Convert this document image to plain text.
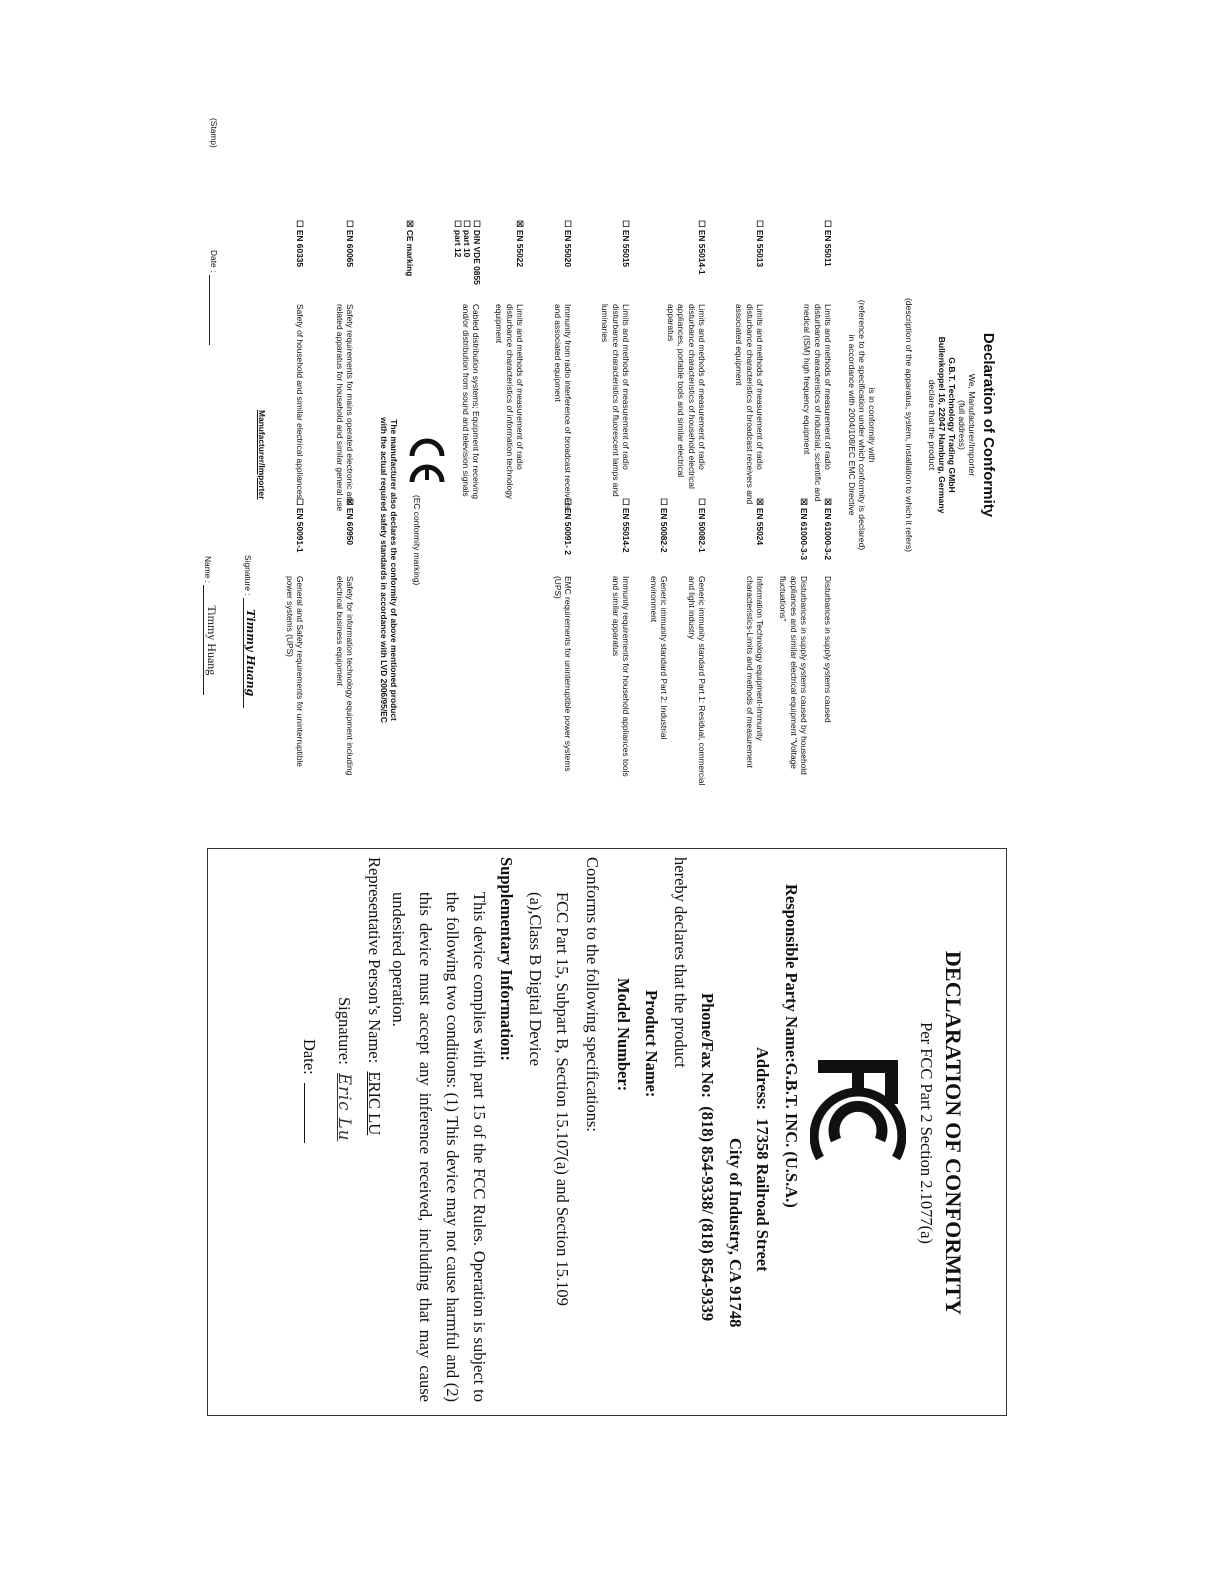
Declaration of Conformity
We, Manufacturer/Importer
(full address)
G.B.T. Technology Trading GMbH
Bullenkoppel 16, 22047 Hamburg, Germany
declare that the product
(description of the apparatus, system, installation to which it refers)
is in conformity with
(reference to the specification under which conformity is declared)
in accordance with 2004/108/EC EMC Directive
☐ EN 55011
Limits and methods of measurement of radio disturbance characteristics of industrial, scientific and medical (ISM) high frequency equipment
☐ EN 55013
Limits and methods of measurement of radio disturbance characteristics of broadcast receivers and associated equipment
☐ EN 55014-1
Limits and methods of measurement of radio disturbance characteristics of household electrical appliances, portable tools and similar electrical apparatus
☐ EN 55015
Limits and methods of measurement of radio disturbance characteristics of fluorescent lamps and luminaries
☐ EN 55020
Immunity from radio interference of broadcast receivers and associated equipment
☒ EN 55022
Limits and methods of measurement of radio disturbance characteristics of information technology equipment
☐ DIN VDE 0855
☐ part 10
☐ part 12
Cabled distribution systems; Equipment for receiving and/or distribution from sound and television signals
☒ CE marking
☐ EN 60065
Safety requirements for mains operated electronic and related apparatus for household and similar general use
☐ EN 60335
Safety of household and similar electrical appliances
☒ EN 61000-3-2
Disturbances in supply systems caused
☒ EN 61000-3-3
Disturbances in supply systems caused by household appliances and similar electrical equipment "Voltage fluctuations"
☒ EN 55024
Information Technology equipment-Immunity characteristics-Limits and methods of measurement
☐ EN 50082-1
Generic immunity standard Part 1: Residual, commercial and light industry
☐ EN 50082-2
Generic immunity standard Part 2: Industrial environment
☐ EN 55014-2
Immunity requirements for household appliances tools and similar apparatus
☐ EN 50091- 2
EMC requirements for uninterruptible power systems (UPS)
☒ EN 60950
Safety for information technology equipment including electrical business equipment
☐ EN 50091-1
General and Safety requirements for uninterruptible power systems (UPS)
(EC conformity marking)
The manufacturer also declares the conformity of above mentioned product
with the actual required safety standards in accordance with LVD 2006/95/EC
Manufacturer/Importer
Signature : Timmy Huang
(Stamp)
Date :
Name : Timmy Huang
DECLARATION OF CONFORMITY
Per FCC Part 2 Section 2.1077(a)
Responsible Party Name:G.B.T. INC. (U.S.A.)
Address:  17358 Railroad Street
City of Industry, CA 91748
Phone/Fax No:  (818) 854-9338/ (818) 854-9339
hereby declares that the product
Product Name:
Model Number:
Conforms to the following specifications:
FCC Part 15, Subpart B, Section 15.107(a) and Section 15.109
(a),Class B Digital Device
Supplementary Information:
This device complies with part 15 of the FCC Rules. Operation is subject to the following two conditions: (1) This device may not cause harmful and (2) this device must accept any inference received, including that may cause undesired operation.
Representative Person’s Name:  ERIC LU
Signature:  Eric Lu
Date:
